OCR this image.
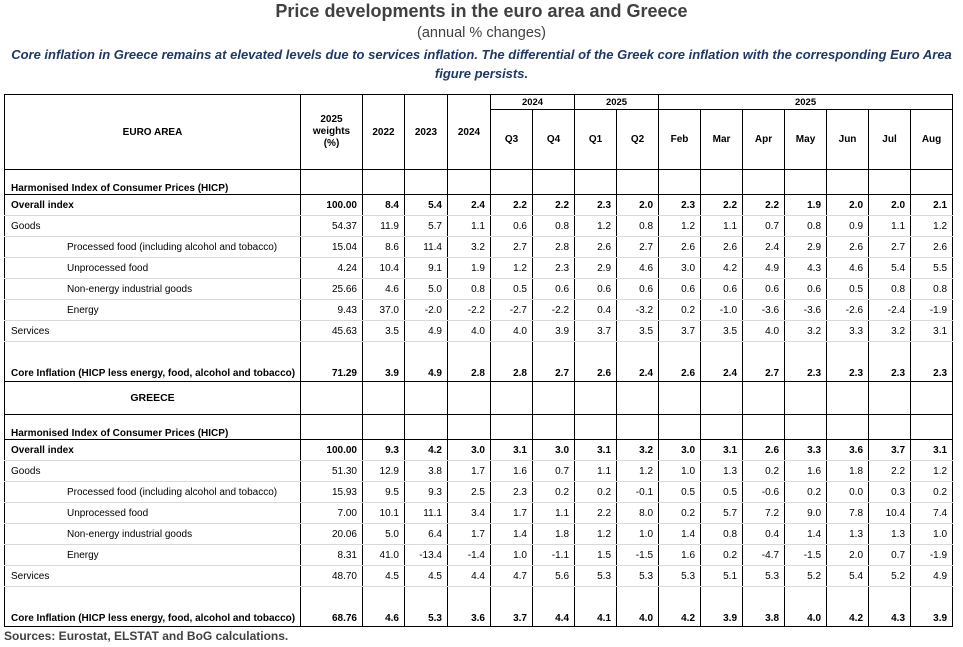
Price developments in the euro area and Greece
(annual % changes)
Core inflation in Greece remains at elevated levels due to services inflation. The differential of the Greek core inflation with the corresponding Euro Area figure persists.
EURO AREA	2025 weights (%)	2022	2023	2024	2024		2025		2025						
					Q3	Q4	Q1	Q2	Feb	Mar	Apr	May	Jun	Jul	Aug

Harmonised Index of Consumer Prices (HICP)															
Overall index	100.00	8.4	5.4	2.4	2.2	2.2	2.3	2.0	2.3	2.2	2.2	1.9	2.0	2.0	2.1
Goods	54.37	11.9	5.7	1.1	0.6	0.8	1.2	0.8	1.2	1.1	0.7	0.8	0.9	1.1	1.2
Processed food (including alcohol and tobacco)	15.04	8.6	11.4	3.2	2.7	2.8	2.6	2.7	2.6	2.6	2.4	2.9	2.6	2.7	2.6
Unprocessed food	4.24	10.4	9.1	1.9	1.2	2.3	2.9	4.6	3.0	4.2	4.9	4.3	4.6	5.4	5.5
Non-energy industrial goods	25.66	4.6	5.0	0.8	0.5	0.6	0.6	0.6	0.6	0.6	0.6	0.6	0.5	0.8	0.8
Energy	9.43	37.0	-2.0	-2.2	-2.7	-2.2	0.4	-3.2	0.2	-1.0	-3.6	-3.6	-2.6	-2.4	-1.9
Services	45.63	3.5	4.9	4.0	4.0	3.9	3.7	3.5	3.7	3.5	4.0	3.2	3.3	3.2	3.1
Core Inflation (HICP less energy, food, alcohol and tobacco)	71.29	3.9	4.9	2.8	2.8	2.7	2.6	2.4	2.6	2.4	2.7	2.3	2.3	2.3	2.3
GREECE															

Harmonised Index of Consumer Prices (HICP)															
Overall index	100.00	9.3	4.2	3.0	3.1	3.0	3.1	3.2	3.0	3.1	2.6	3.3	3.6	3.7	3.1
Goods	51.30	12.9	3.8	1.7	1.6	0.7	1.1	1.2	1.0	1.3	0.2	1.6	1.8	2.2	1.2
Processed food (including alcohol and tobacco)	15.93	9.5	9.3	2.5	2.3	0.2	0.2	-0.1	0.5	0.5	-0.6	0.2	0.0	0.3	0.2
Unprocessed food	7.00	10.1	11.1	3.4	1.7	1.1	2.2	8.0	0.2	5.7	7.2	9.0	7.8	10.4	7.4
Non-energy industrial goods	20.06	5.0	6.4	1.7	1.4	1.8	1.2	1.0	1.4	0.8	0.4	1.4	1.3	1.3	1.0
Energy	8.31	41.0	-13.4	-1.4	1.0	-1.1	1.5	-1.5	1.6	0.2	-4.7	-1.5	2.0	0.7	-1.9
Services	48.70	4.5	4.5	4.4	4.7	5.6	5.3	5.3	5.3	5.1	5.3	5.2	5.4	5.2	4.9
Core Inflation (HICP less energy, food, alcohol and tobacco)	68.76	4.6	5.3	3.6	3.7	4.4	4.1	4.0	4.2	3.9	3.8	4.0	4.2	4.3	3.9
Sources: Eurostat, ELSTAT and BoG calculations.
